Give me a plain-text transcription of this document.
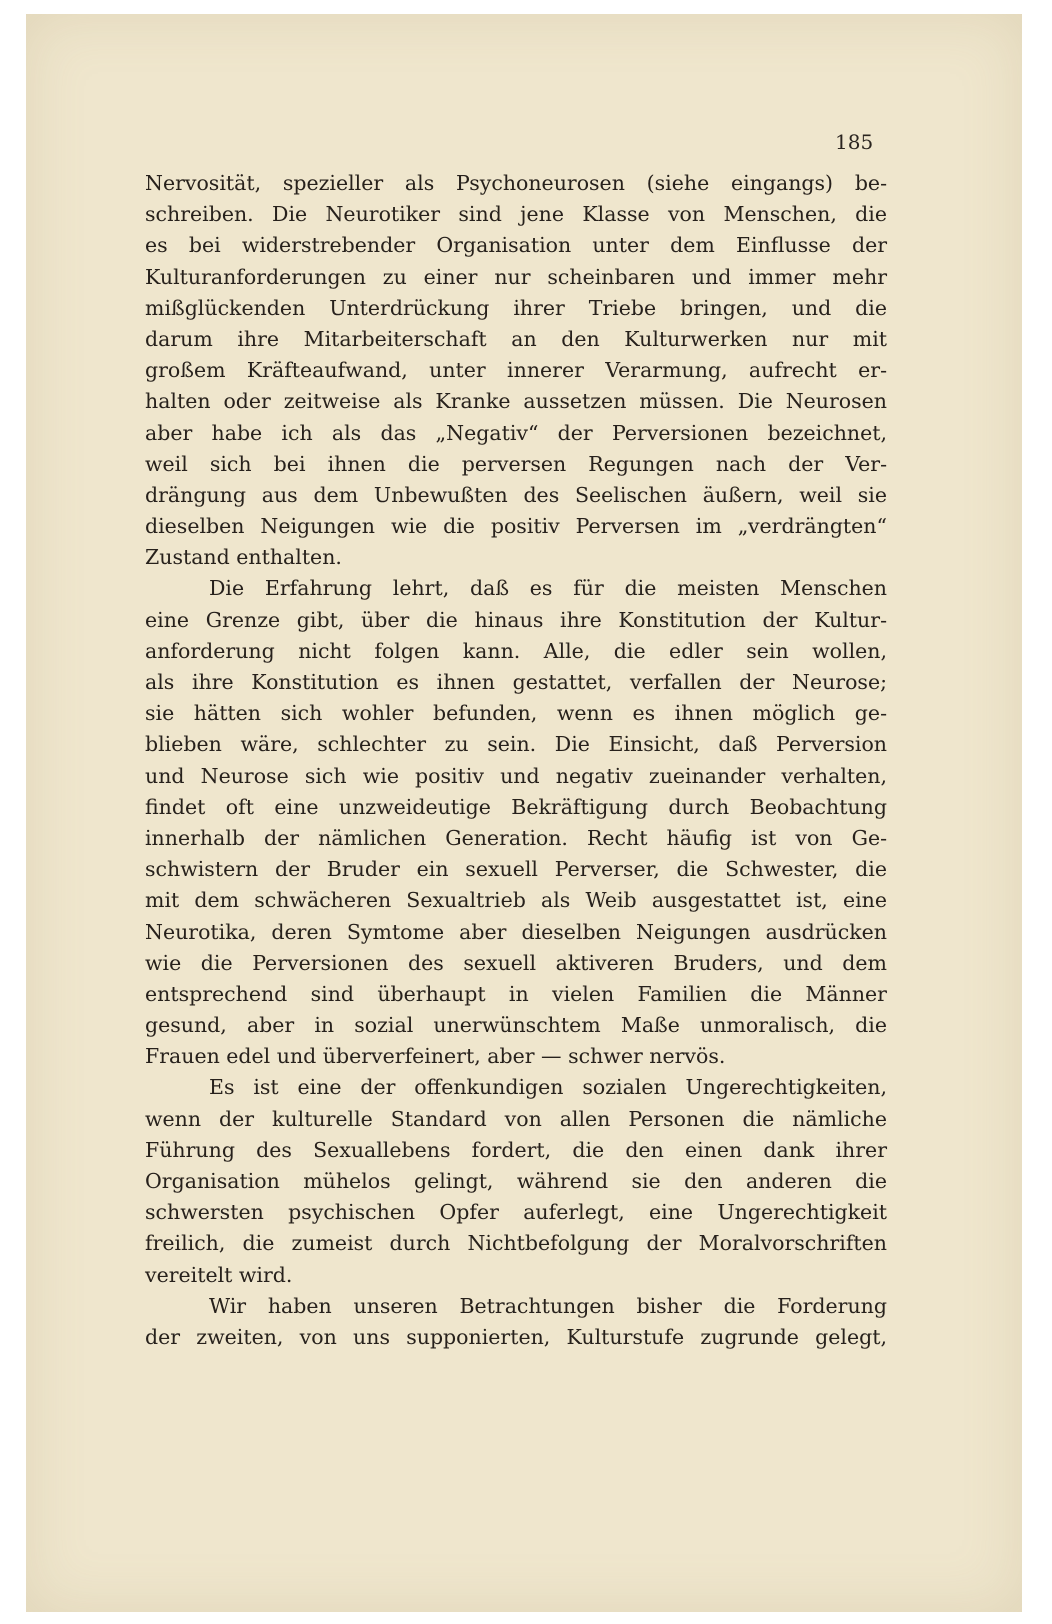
185

Nervosität, spezieller als Psychoneurosen (siehe eingangs) be-
schreiben. Die Neurotiker sind jene Klasse von Menschen, die
es bei widerstrebender Organisation unter dem Einflusse der
Kulturanforderungen zu einer nur scheinbaren und immer mehr
mißglückenden Unterdrückung ihrer Triebe bringen, und die
darum ihre Mitarbeiterschaft an den Kulturwerken nur mit
großem Kräfteaufwand, unter innerer Verarmung, aufrecht er-
halten oder zeitweise als Kranke aussetzen müssen. Die Neurosen
aber habe ich als das „Negativ“ der Perversionen bezeichnet,
weil sich bei ihnen die perversen Regungen nach der Ver-
drängung aus dem Unbewußten des Seelischen äußern, weil sie
dieselben Neigungen wie die positiv Perversen im „verdrängten“
Zustand enthalten.
Die Erfahrung lehrt, daß es für die meisten Menschen
eine Grenze gibt, über die hinaus ihre Konstitution der Kultur-
anforderung nicht folgen kann. Alle, die edler sein wollen,
als ihre Konstitution es ihnen gestattet, verfallen der Neurose;
sie hätten sich wohler befunden, wenn es ihnen möglich ge-
blieben wäre, schlechter zu sein. Die Einsicht, daß Perversion
und Neurose sich wie positiv und negativ zueinander verhalten,
findet oft eine unzweideutige Bekräftigung durch Beobachtung
innerhalb der nämlichen Generation. Recht häufig ist von Ge-
schwistern der Bruder ein sexuell Perverser, die Schwester, die
mit dem schwächeren Sexualtrieb als Weib ausgestattet ist, eine
Neurotika, deren Symtome aber dieselben Neigungen ausdrücken
wie die Perversionen des sexuell aktiveren Bruders, und dem
entsprechend sind überhaupt in vielen Familien die Männer
gesund, aber in sozial unerwünschtem Maße unmoralisch, die
Frauen edel und überverfeinert, aber — schwer nervös.
Es ist eine der offenkundigen sozialen Ungerechtigkeiten,
wenn der kulturelle Standard von allen Personen die nämliche
Führung des Sexuallebens fordert, die den einen dank ihrer
Organisation mühelos gelingt, während sie den anderen die
schwersten psychischen Opfer auferlegt, eine Ungerechtigkeit
freilich, die zumeist durch Nichtbefolgung der Moralvorschriften
vereitelt wird.
Wir haben unseren Betrachtungen bisher die Forderung
der zweiten, von uns supponierten, Kulturstufe zugrunde gelegt,
